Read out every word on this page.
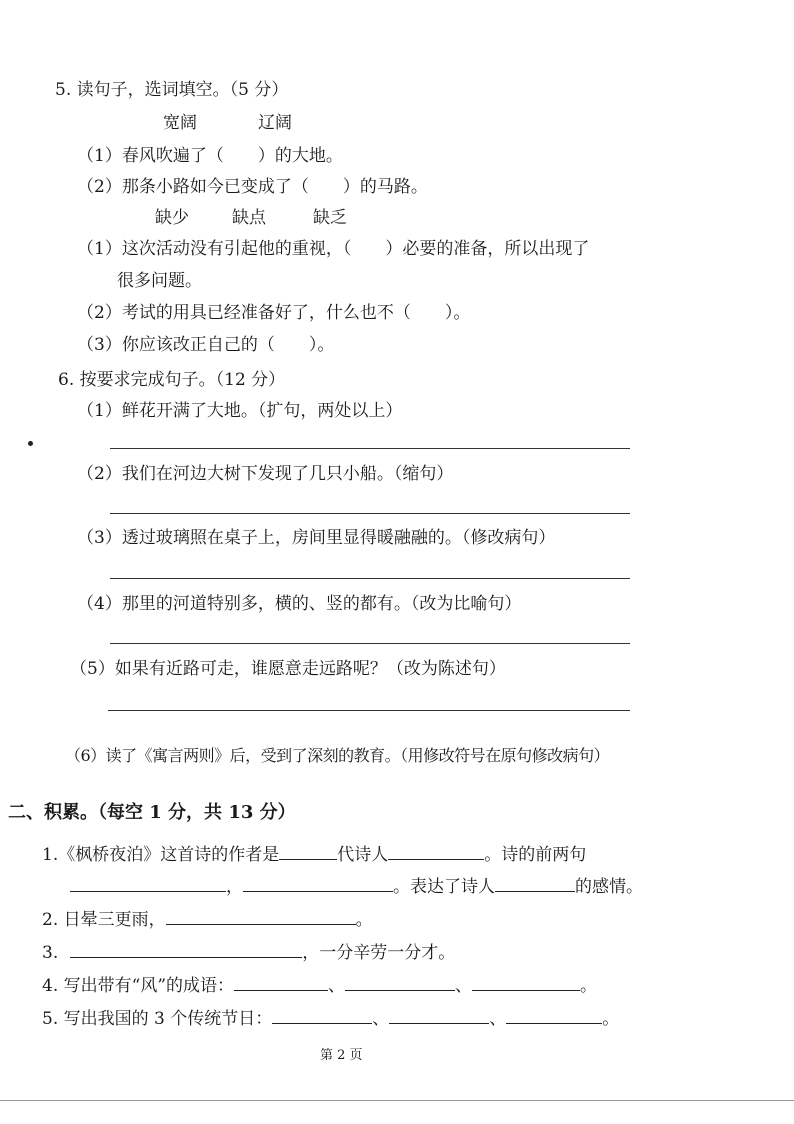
5. 读句子，选词填空。（5 分）
宽阔	辽阔
（1）春风吹遍了（　　）的大地。
（2）那条小路如今已变成了（　　）的马路。
缺少	缺点	缺乏
（1）这次活动没有引起他的重视，（　　）必要的准备，所以出现了
很多问题。
（2）考试的用具已经准备好了，什么也不（　　）。
（3）你应该改正自己的（　　）。
6. 按要求完成句子。（12 分）
（1）鲜花开满了大地。（扩句，两处以上）
（2）我们在河边大树下发现了几只小船。（缩句）
（3）透过玻璃照在桌子上，房间里显得暖融融的。（修改病句）
（4）那里的河道特别多，横的、竖的都有。（改为比喻句）
（5）如果有近路可走，谁愿意走远路呢？（改为陈述句）
（6）读了《寓言两则》后，受到了深刻的教育。（用修改符号在原句修改病句）
二、积累。（每空 1 分，共 13 分）
1.《枫桥夜泊》这首诗的作者是	代诗人	。诗的前两句
，	。表达了诗人	的感情。
2. 日晕三更雨，	。
3.	，一分辛劳一分才。
4. 写出带有“风”的成语：	、	、	。
5. 写出我国的 3 个传统节日：	、	、	。
第 2 页
